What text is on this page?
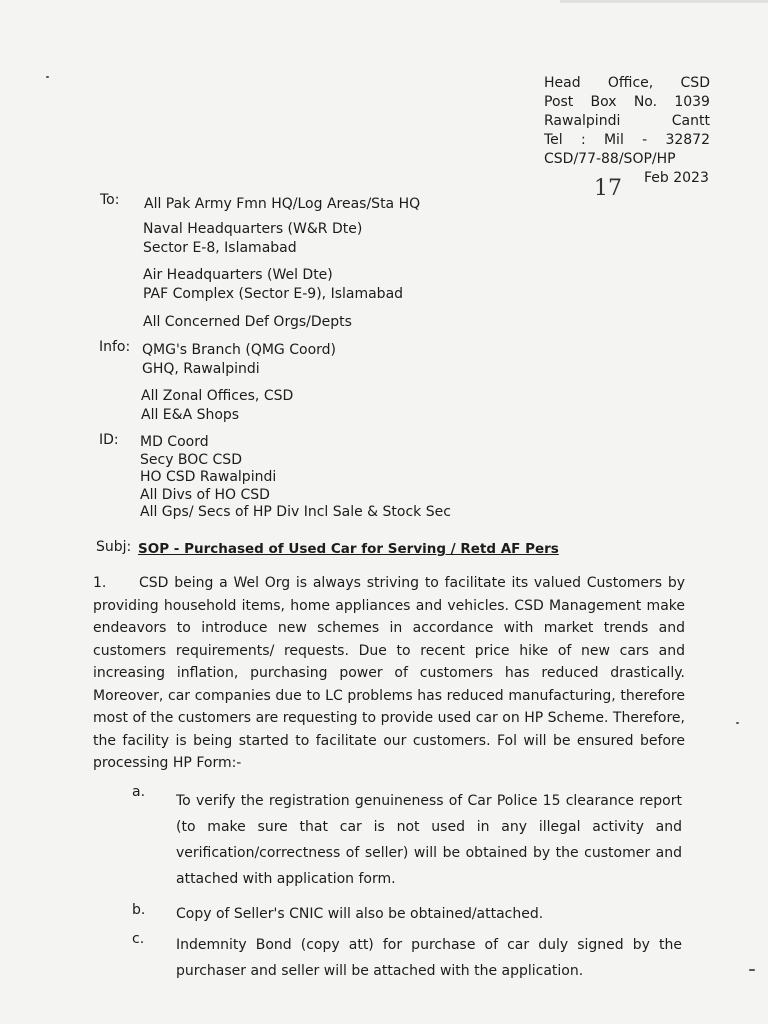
Head Office, CSD
Post Box No. 1039
Rawalpindi	Cantt
Tel : Mil - 32872
CSD/77-88/SOP/HP
17 Feb 2023
To: All Pak Army Fmn HQ/Log Areas/Sta HQ
Naval Headquarters (W&R Dte)
Sector E-8, Islamabad
Air Headquarters (Wel Dte)
PAF Complex (Sector E-9), Islamabad
All Concerned Def Orgs/Depts
Info: QMG's Branch (QMG Coord)
GHQ, Rawalpindi
All Zonal Offices, CSD
All E&A Shops
ID: MD Coord
Secy BOC CSD
HO CSD Rawalpindi
All Divs of HO CSD
All Gps/ Secs of HP Div Incl Sale & Stock Sec
Subj: SOP - Purchased of Used Car for Serving / Retd AF Pers
1. CSD being a Wel Org is always striving to facilitate its valued Customers by providing household items, home appliances and vehicles. CSD Management make endeavors to introduce new schemes in accordance with market trends and customers requirements/ requests. Due to recent price hike of new cars and increasing inflation, purchasing power of customers has reduced drastically. Moreover, car companies due to LC problems has reduced manufacturing, therefore most of the customers are requesting to provide used car on HP Scheme. Therefore, the facility is being started to facilitate our customers. Fol will be ensured before processing HP Form:-
a.
To verify the registration genuineness of Car Police 15 clearance report (to make sure that car is not used in any illegal activity and verification/correctness of seller) will be obtained by the customer and attached with application form.
b. Copy of Seller's CNIC will also be obtained/attached.
c. Indemnity Bond (copy att) for purchase of car duly signed by the purchaser and seller will be attached with the application.
